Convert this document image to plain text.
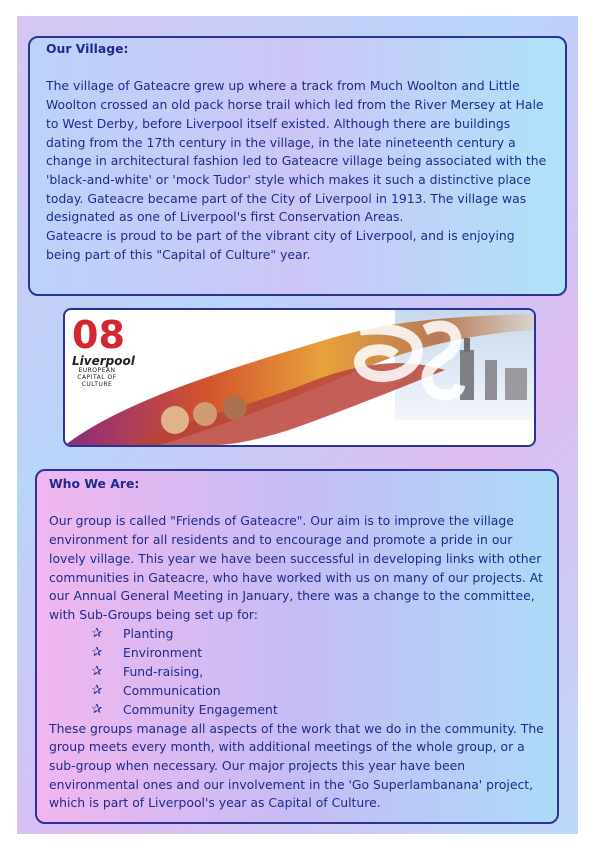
Our Village:

The village of Gateacre grew up where a track from Much Woolton and Little Woolton crossed an old pack horse trail which led from the River Mersey at Hale to West Derby, before Liverpool itself existed. Although there are buildings dating from the 17th century in the village, in the late nineteenth century a change in architectural fashion led to Gateacre village being associated with the 'black-and-white' or 'mock Tudor' style which makes it such a distinctive place today. Gateacre became part of the City of Liverpool in 1913. The village was designated as one of Liverpool's first Conservation Areas.

Gateacre is proud to be part of the vibrant city of Liverpool, and is enjoying being part of this "Capital of Culture" year.

08
Liverpool
EUROPEAN
CAPITAL OF CULTURE

Who We Are:

Our group is called "Friends of Gateacre". Our aim is to improve the village environment for all residents and to encourage and promote a pride in our lovely village. This year we have been successful in developing links with other communities in Gateacre, who have worked with us on many of our projects. At our Annual General Meeting in January, there was a change to the committee, with Sub-Groups being set up for:

✰ Planting
✰ Environment
✰ Fund-raising,
✰ Communication
✰ Community Engagement

These groups manage all aspects of the work that we do in the community. The group meets every month, with additional meetings of the whole group, or a sub-group when necessary. Our major projects this year have been environmental ones and our involvement in the 'Go Superlambanana' project, which is part of Liverpool's year as Capital of Culture.
